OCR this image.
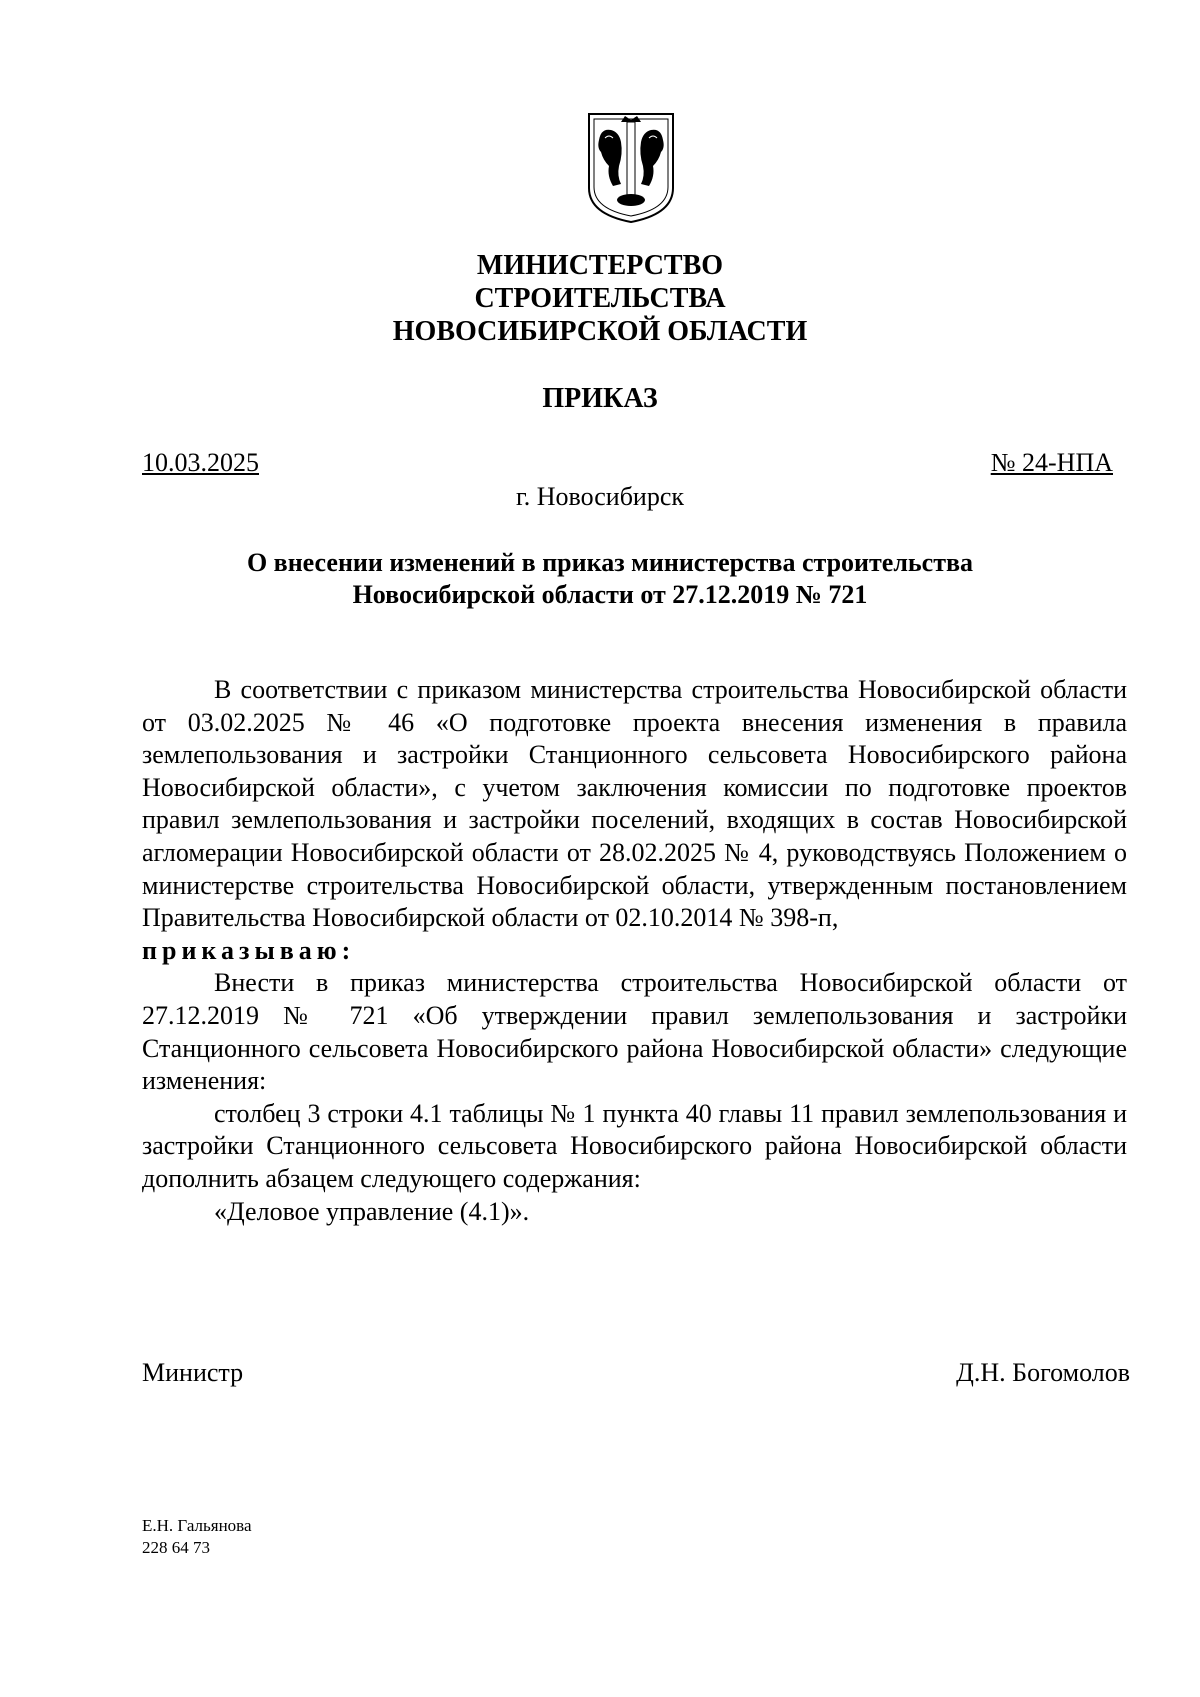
МИНИСТЕРСТВО
СТРОИТЕЛЬСТВА
НОВОСИБИРСКОЙ ОБЛАСТИ
ПРИКАЗ
10.03.2025	№ 24-НПА
г. Новосибирск
О внесении изменений в приказ министерства строительства
Новосибирской области от 27.12.2019 № 721

В соответствии с приказом министерства строительства Новосибирской области от 03.02.2025 № 46 «О подготовке проекта внесения изменения в правила землепользования и застройки Станционного сельсовета Новосибирского района Новосибирской области», с учетом заключения комиссии по подготовке проектов правил землепользования и застройки поселений, входящих в состав Новосибирской агломерации Новосибирской области от 28.02.2025 № 4, руководствуясь Положением о министерстве строительства Новосибирской области, утвержденным постановлением Правительства Новосибирской области от 02.10.2014 № 398-п,

приказываю:

Внести в приказ министерства строительства Новосибирской области от 27.12.2019 № 721 «Об утверждении правил землепользования и застройки Станционного сельсовета Новосибирского района Новосибирской области» следующие изменения:

столбец 3 строки 4.1 таблицы № 1 пункта 40 главы 11 правил землепользования и застройки Станционного сельсовета Новосибирского района Новосибирской области дополнить абзацем следующего содержания:

«Деловое управление (4.1)».

Министр	Д.Н. Богомолов
Е.Н. Гальянова
228 64 73
